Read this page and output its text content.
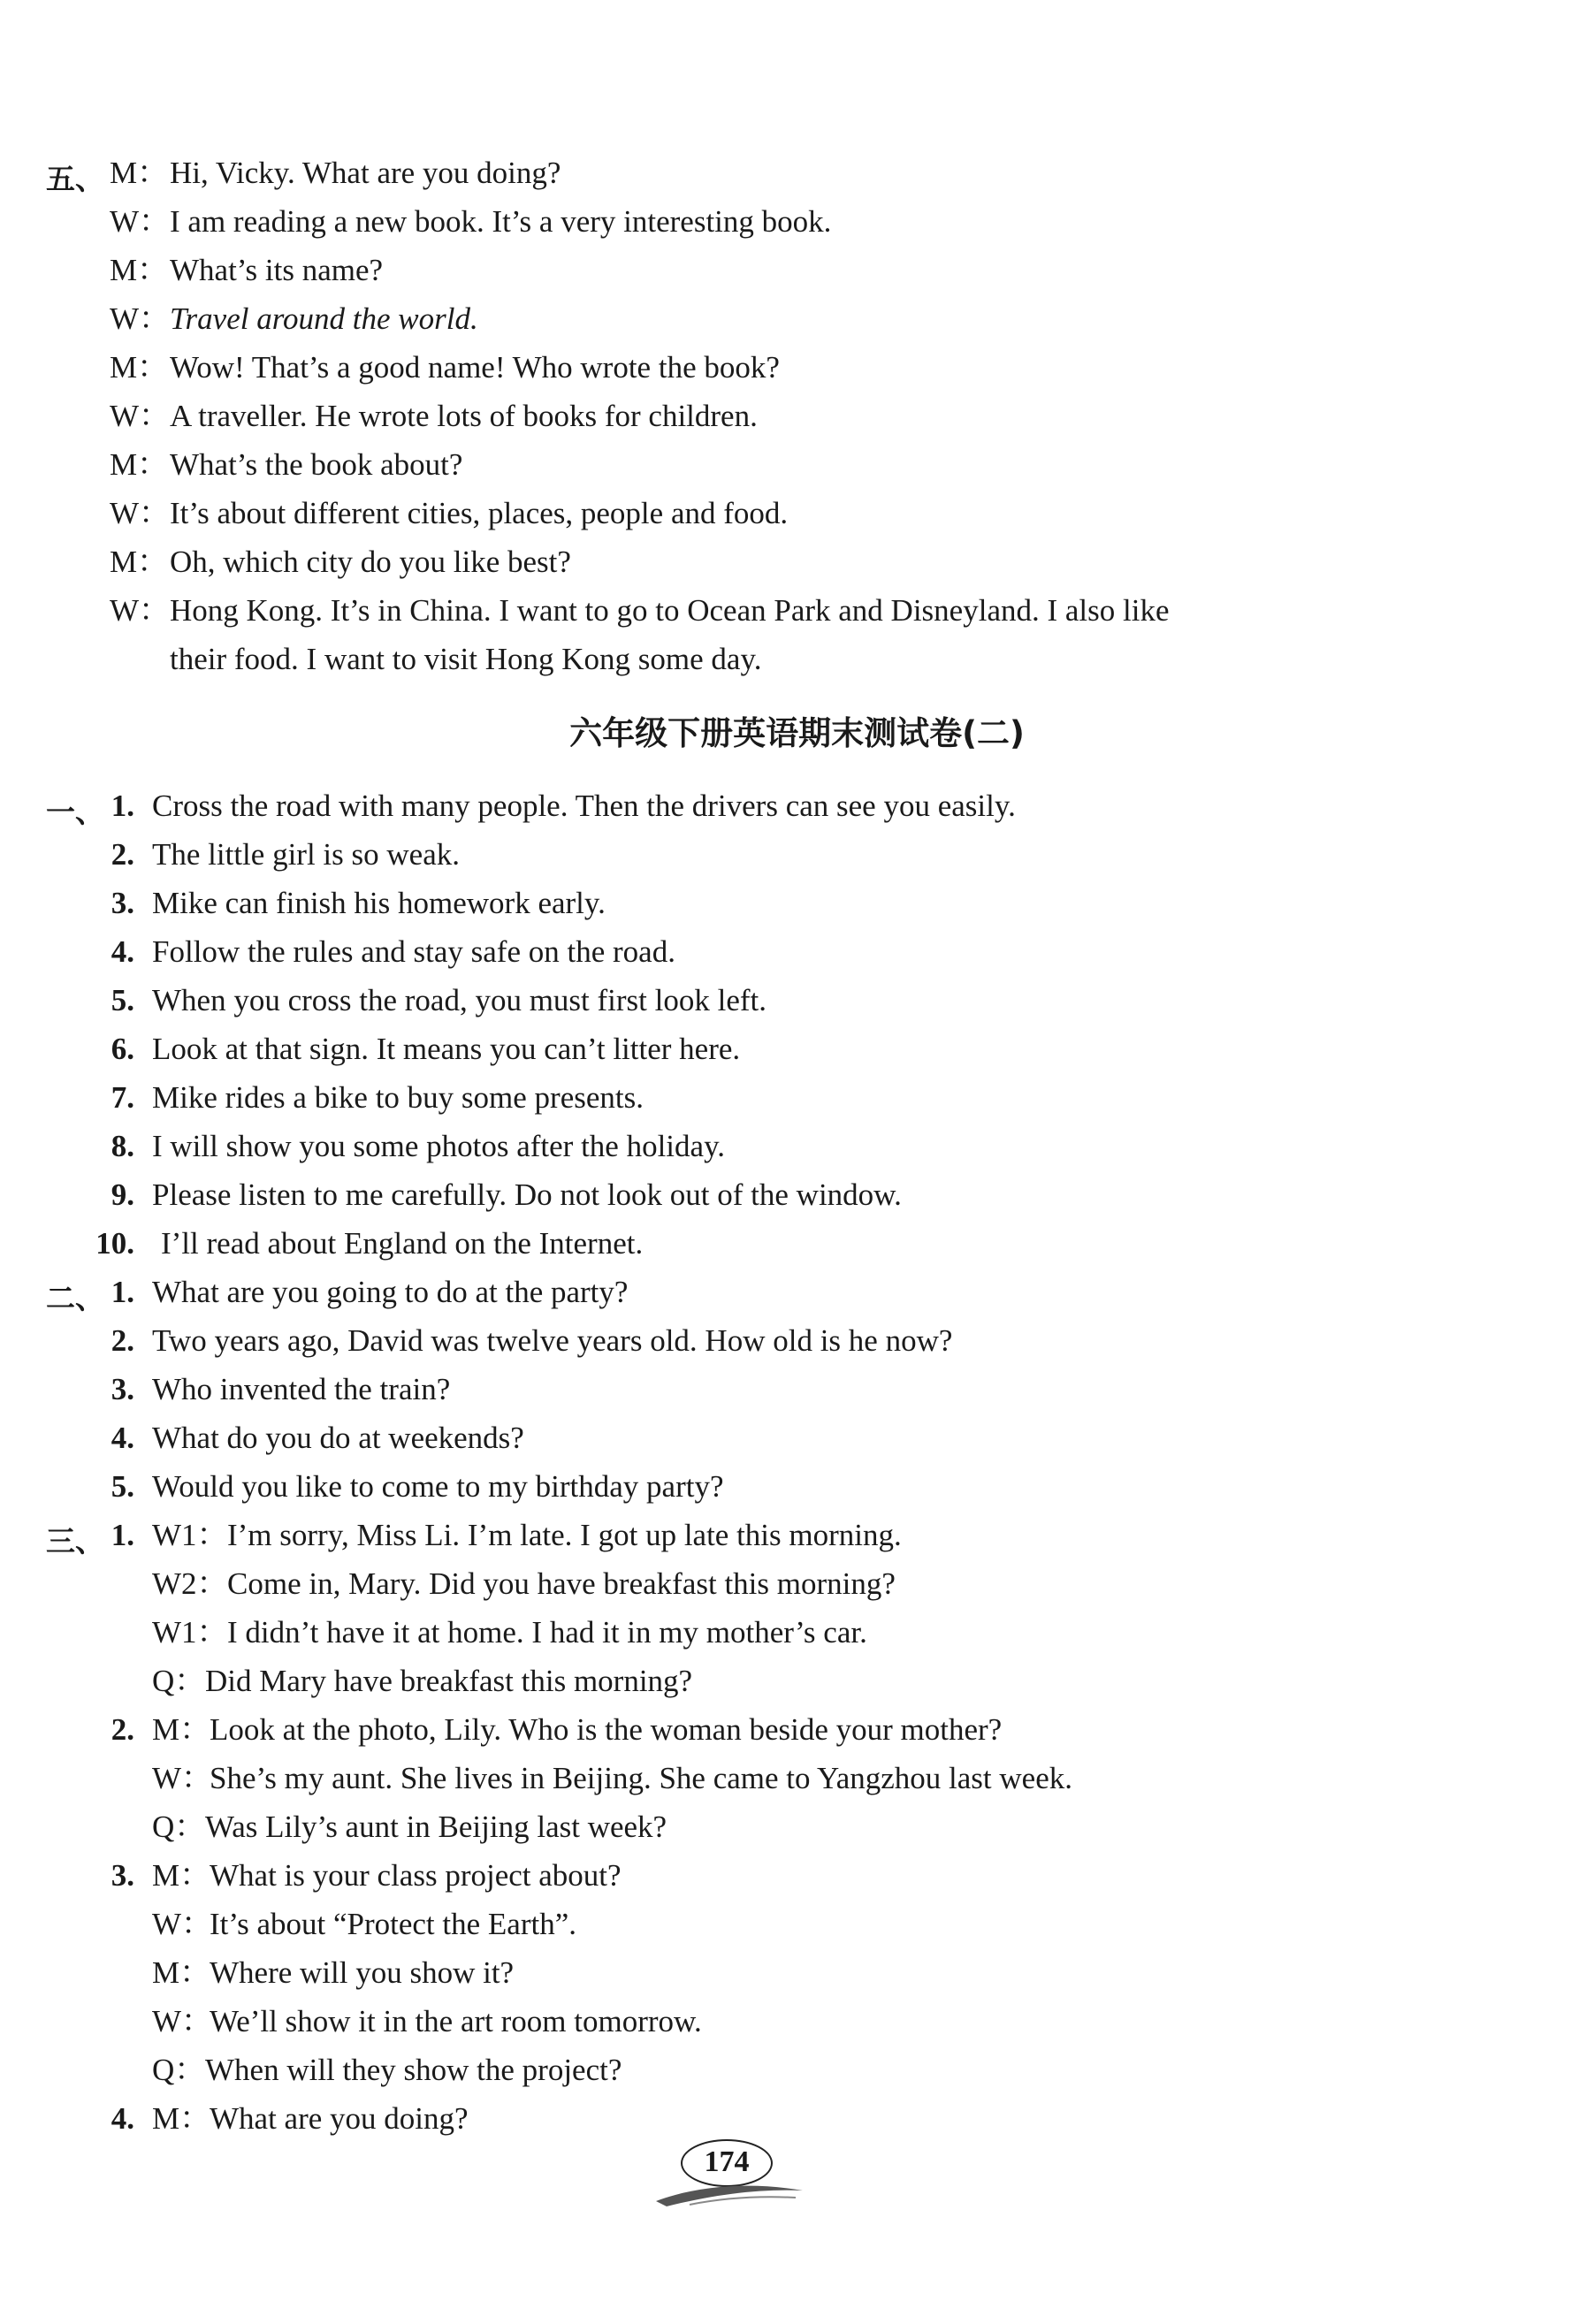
五、 M： Hi, Vicky. What are you doing?
W： I am reading a new book. It’s a very interesting book.
M： What’s its name?
W： Travel around the world.
M： Wow! That’s a good name! Who wrote the book?
W： A traveller. He wrote lots of books for children.
M： What’s the book about?
W： It’s about different cities, places, people and food.
M： Oh, which city do you like best?
W： Hong Kong. It’s in China. I want to go to Ocean Park and Disneyland. I also like
their food. I want to visit Hong Kong some day.
六年级下册英语期末测试卷(二)
一、 1. Cross the road with many people. Then the drivers can see you easily.
2. The little girl is so weak.
3. Mike can finish his homework early.
4. Follow the rules and stay safe on the road.
5. When you cross the road, you must first look left.
6. Look at that sign. It means you can’t litter here.
7. Mike rides a bike to buy some presents.
8. I will show you some photos after the holiday.
9. Please listen to me carefully. Do not look out of the window.
10. I’ll read about England on the Internet.
二、 1. What are you going to do at the party?
2. Two years ago, David was twelve years old. How old is he now?
3. Who invented the train?
4. What do you do at weekends?
5. Would you like to come to my birthday party?
三、 1. W1： I’m sorry, Miss Li. I’m late. I got up late this morning.
W2： Come in, Mary. Did you have breakfast this morning?
W1： I didn’t have it at home. I had it in my mother’s car.
Q： Did Mary have breakfast this morning?
2. M：
Look at the photo, Lily. Who is the woman beside your mother?
W：
She’s my aunt. She lives in Beijing. She came to Yangzhou last week.
Q： Was Lily’s aunt in Beijing last week?
3. M：
What is your class project about?
W：
It’s about “Protect the Earth”.
M：
Where will you show it?
W：
We’ll show it in the art room tomorrow.
Q： When will they show the project?
4. M：
What are you doing?
174
